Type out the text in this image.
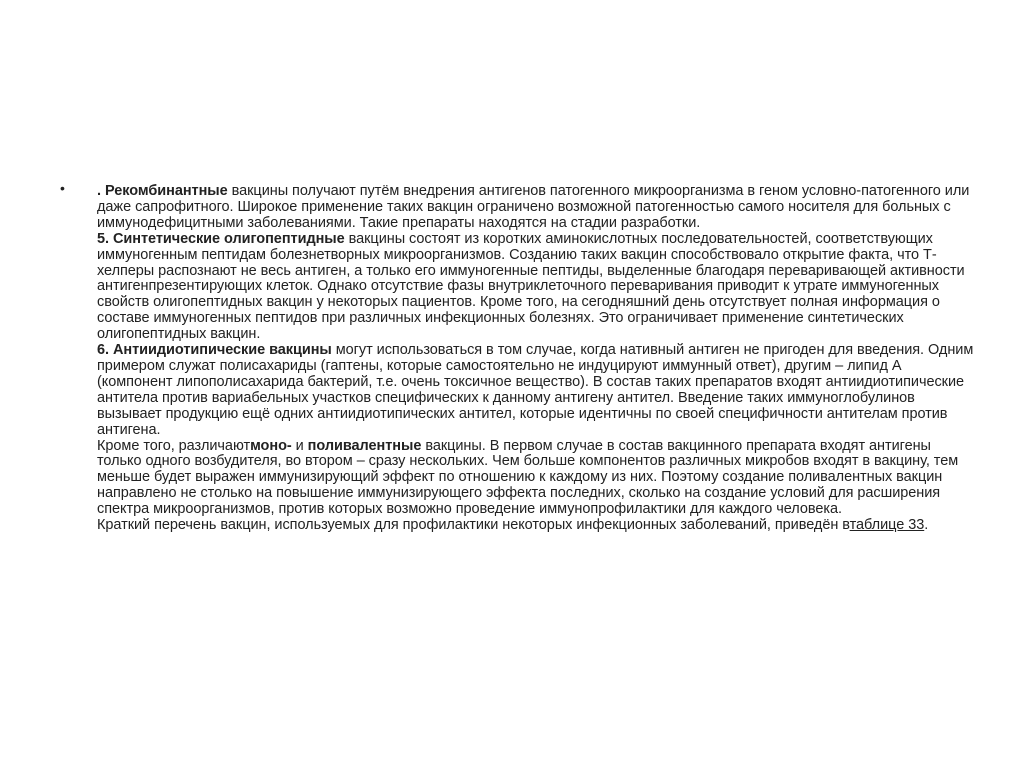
• . Рекомбинантные вакцины получают путём внедрения антигенов патогенного микроорганизма в геном условно-патогенного или даже сапрофитного. Широкое применение таких вакцин ограничено возможной патогенностью самого носителя для больных с иммунодефицитными заболеваниями. Такие препараты находятся на стадии разработки.

5. Синтетические олигопептидные вакцины состоят из коротких аминокислотных последовательностей, соответствующих иммуногенным пептидам болезнетворных микроорганизмов. Созданию таких вакцин способствовало открытие факта, что Т-хелперы распознают не весь антиген, а только его иммуногенные пептиды, выделенные благодаря переваривающей активности антигенпрезентирующих клеток. Однако отсутствие фазы внутриклеточного переваривания приводит к утрате иммуногенных свойств олигопептидных вакцин у некоторых пациентов. Кроме того, на сегодняшний день отсутствует полная информация о составе иммуногенных пептидов при различных инфекционных болезнях. Это ограничивает применение синтетических олигопептидных вакцин.

6. Антиидиотипические вакцины могут использоваться в том случае, когда нативный антиген не пригоден для введения. Одним примером служат полисахариды (гаптены, которые самостоятельно не индуцируют иммунный ответ), другим – липид А (компонент липополисахарида бактерий, т.е. очень токсичное вещество). В состав таких препаратов входят антиидиотипические антитела против вариабельных участков специфических к данному антигену антител. Введение таких иммуноглобулинов вызывает продукцию ещё одних антиидиотипических антител, которые идентичны по своей специфичности антителам против антигена.

Кроме того, различаютмоно- и поливалентные вакцины. В первом случае в состав вакцинного препарата входят антигены только одного возбудителя, во втором – сразу нескольких. Чем больше компонентов различных микробов входят в вакцину, тем меньше будет выражен иммунизирующий эффект по отношению к каждому из них. Поэтому создание поливалентных вакцин направлено не столько на повышение иммунизирующего эффекта последних, сколько на создание условий для расширения спектра микроорганизмов, против которых возможно проведение иммунопрофилактики для каждого человека.

Краткий перечень вакцин, используемых для профилактики некоторых инфекционных заболеваний, приведён втаблице 33.
